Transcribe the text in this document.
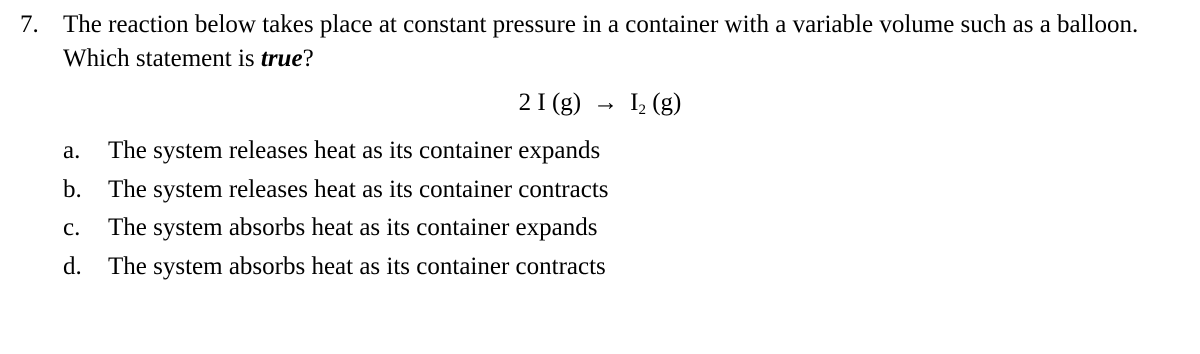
7. The reaction below takes place at constant pressure in a container with a variable volume such as a balloon. Which statement is true?
2 I $(g) \to I_2$ (g)
a.	The system releases heat as its container expands
b.	The system releases heat as its container contracts
c.	The system absorbs heat as its container expands
d.	The system absorbs heat as its container contracts
